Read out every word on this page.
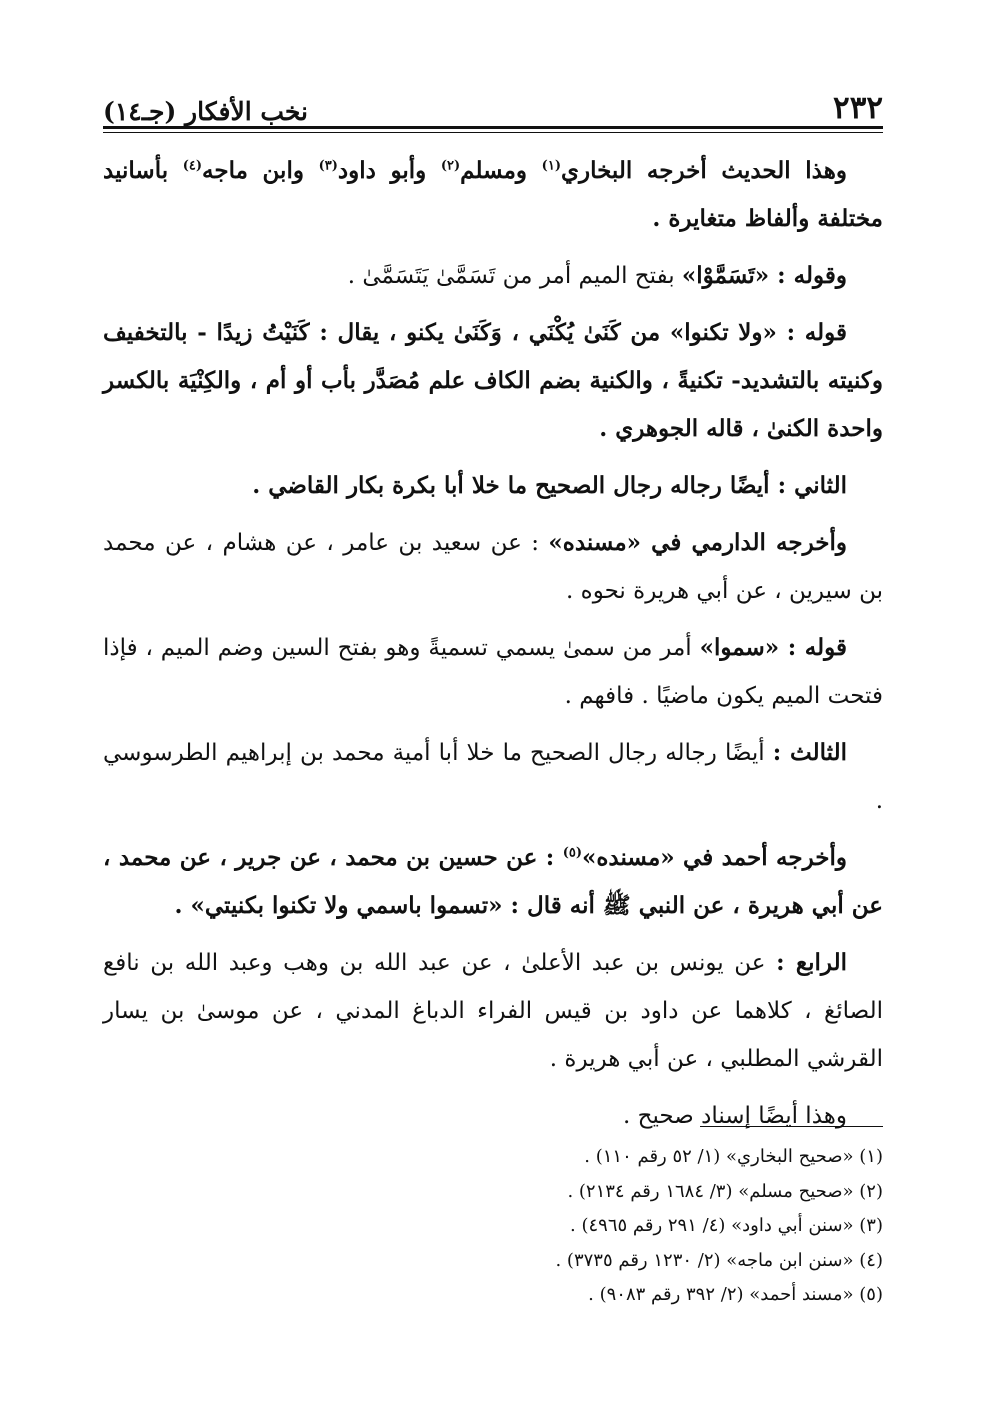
٢٣٢
نخب الأفكار (جـ١٤)

وهذا الحديث أخرجه البخاري$^{(١)}$ ومسلم$^{(٢)}$ وأبو داود$^{(٣)}$ وابن ماجه$^{(٤)}$ بأسانيد مختلفة وألفاظ متغايرة .

وقوله : «تَسَمَّوْا» بفتح الميم أمر من تَسَمَّىٰ يَتَسَمَّىٰ .

قوله : «ولا تكنوا» من كَنَىٰ يُكْنَي ، وَكَنَىٰ يكنو ، يقال : كَنَيْتُ زيدًا - بالتخفيف وكنيته بالتشديد- تكنيةً ، والكنية بضم الكاف علم مُصَدَّر بأب أو أم ، والكِنْيَة بالكسر واحدة الكنىٰ ، قاله الجوهري .

الثاني : أيضًا رجاله رجال الصحيح ما خلا أبا بكرة بكار القاضي .

وأخرجه الدارمي في «مسنده» : عن سعيد بن عامر ، عن هشام ، عن محمد بن سيرين ، عن أبي هريرة نحوه .

قوله : «سموا» أمر من سمىٰ يسمي تسميةً وهو بفتح السين وضم الميم ، فإذا فتحت الميم يكون ماضيًا . فافهم .

الثالث : أيضًا رجاله رجال الصحيح ما خلا أبا أمية محمد بن إبراهيم الطرسوسي .

وأخرجه أحمد في «مسنده»$^{(٥)}$ : عن حسين بن محمد ، عن جرير ، عن محمد ، عن أبي هريرة ، عن النبي ﷺ أنه قال : «تسموا باسمي ولا تكنوا بكنيتي» .

الرابع : عن يونس بن عبد الأعلىٰ ، عن عبد الله بن وهب وعبد الله بن نافع الصائغ ، كلاهما عن داود بن قيس الفراء الدباغ المدني ، عن موسىٰ بن يسار القرشي المطلبي ، عن أبي هريرة .

وهذا أيضًا إسناد صحيح .

(١) «صحيح البخاري» (١/ ٥٢ رقم ١١٠) .

(٢) «صحيح مسلم» (٣/ ١٦٨٤ رقم ٢١٣٤) .

(٣) «سنن أبي داود» (٤/ ٢٩١ رقم ٤٩٦٥) .

(٤) «سنن ابن ماجه» (٢/ ١٢٣٠ رقم ٣٧٣٥) .

(٥) «مسند أحمد» (٢/ ٣٩٢ رقم ٩٠٨٣) .
